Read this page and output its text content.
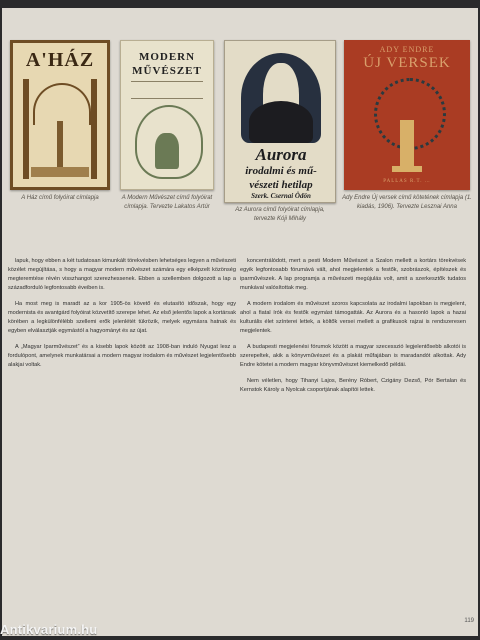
A'HÁZ	MODERN
MŰVÉSZET
Aurora
irodalmi és mű-
vészeti hetilap
Szerk. Csernai Ödön
ADY ENDRE
ÚJ VERSEK
PALLAS R.T. …
A Ház című folyóirat címlapja	A Modern Művészet című folyóirat címlapja. Tervezte Lakatos Artúr	Az Aurora című folyóirat címlapja, tervezte Kóji Mihály
Ady Endre Új versek című kötetének címlapja (1. kiadás, 1906). Tervezte Lesznai Anna

lapuk, hogy ebben a két tudatosan kimunkált törekvésben lehetséges legyen a művészeti közélet megújítása, s hogy a magyar modern művészet számára egy elképzelt közönség megteremtése révén visszhangot szerezhessenek. Ebben a szellemben dolgozott a lap a századforduló legfontosabb éveiben is.

Ha most meg is maradt az a kor 1905-ös követő és elutasító időszak, hogy egy modernista és avantgárd folyóirat közvetítő szerepe lehet. Az első jelentős lapok a kortársak körében a legkülönfélébb szellemi erők jelenlétét tükrözik, melyek egymásra hatnak és egyben elválasztják egymástól a hagyományt és az újat.

A „Magyar Iparművészet” és a kisebb lapok között az 1908-ban induló Nyugat lesz a fordulópont, amelynek munkatársai a modern magyar irodalom és művészet legjelentősebb alakjai voltak.

koncentrálódott, mert a pesti Modern Művészet a Szalon mellett a kortárs törekvések egyik legfontosabb fórumává vált, ahol megjelentek a festők, szobrászok, építészek és iparművészek. A lap programja a művészeti megújulás volt, amit a szerkesztők tudatos munkával valósítottak meg.

A modern irodalom és művészet szoros kapcsolata az irodalmi lapokban is megjelent, ahol a fiatal írók és festők egymást támogatták. Az Aurora és a hasonló lapok a hazai kulturális élet színterei lettek, a költők versei mellett a grafikusok rajzai is rendszeresen megjelentek.

A budapesti megjelenési fórumok között a magyar szecesszió legjelentősebb alkotói is szerepeltek, akik a könyvművészet és a plakát műfajában is maradandót alkottak. Ady Endre kötetei a modern magyar könyvművészet kiemelkedő példái.

Nem véletlen, hogy Tihanyi Lajos, Berény Róbert, Czigány Dezső, Pór Bertalan és Kernstok Károly a Nyolcak csoportjának alapítói lettek.

119
Antikvarium.hu
